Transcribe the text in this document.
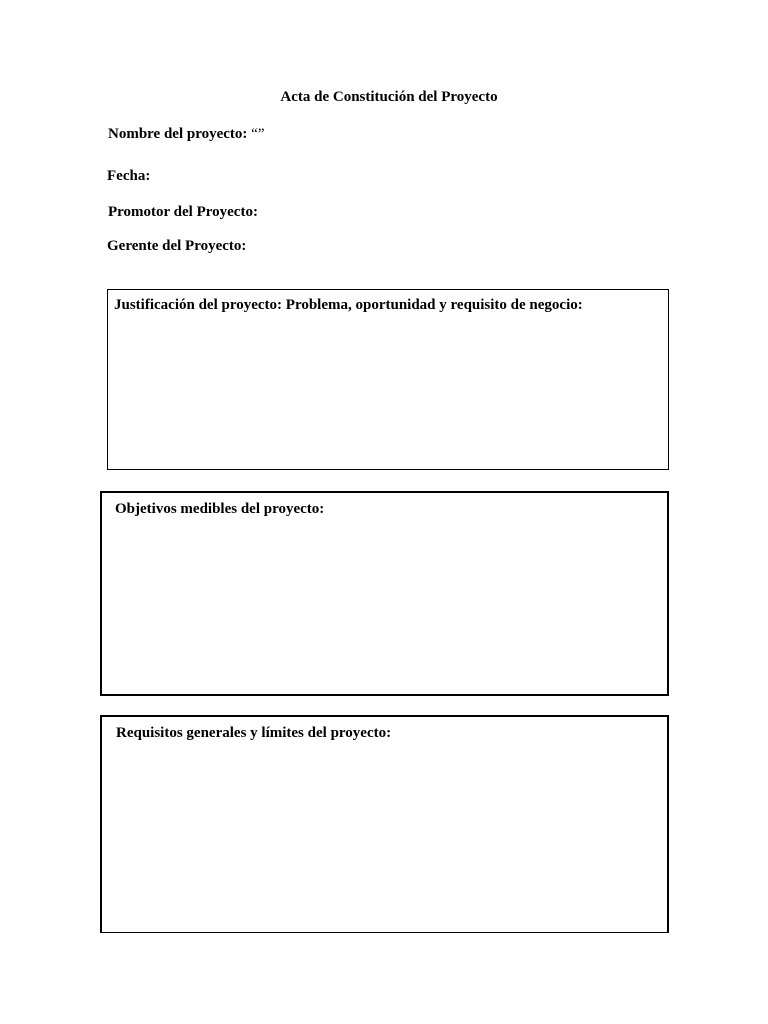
Acta de Constitución del Proyecto
Nombre del proyecto: “”
Fecha:
Promotor del Proyecto:
Gerente del Proyecto:
Justificación del proyecto: Problema, oportunidad y requisito de negocio:
Objetivos medibles del proyecto:
Requisitos generales y límites del proyecto:
